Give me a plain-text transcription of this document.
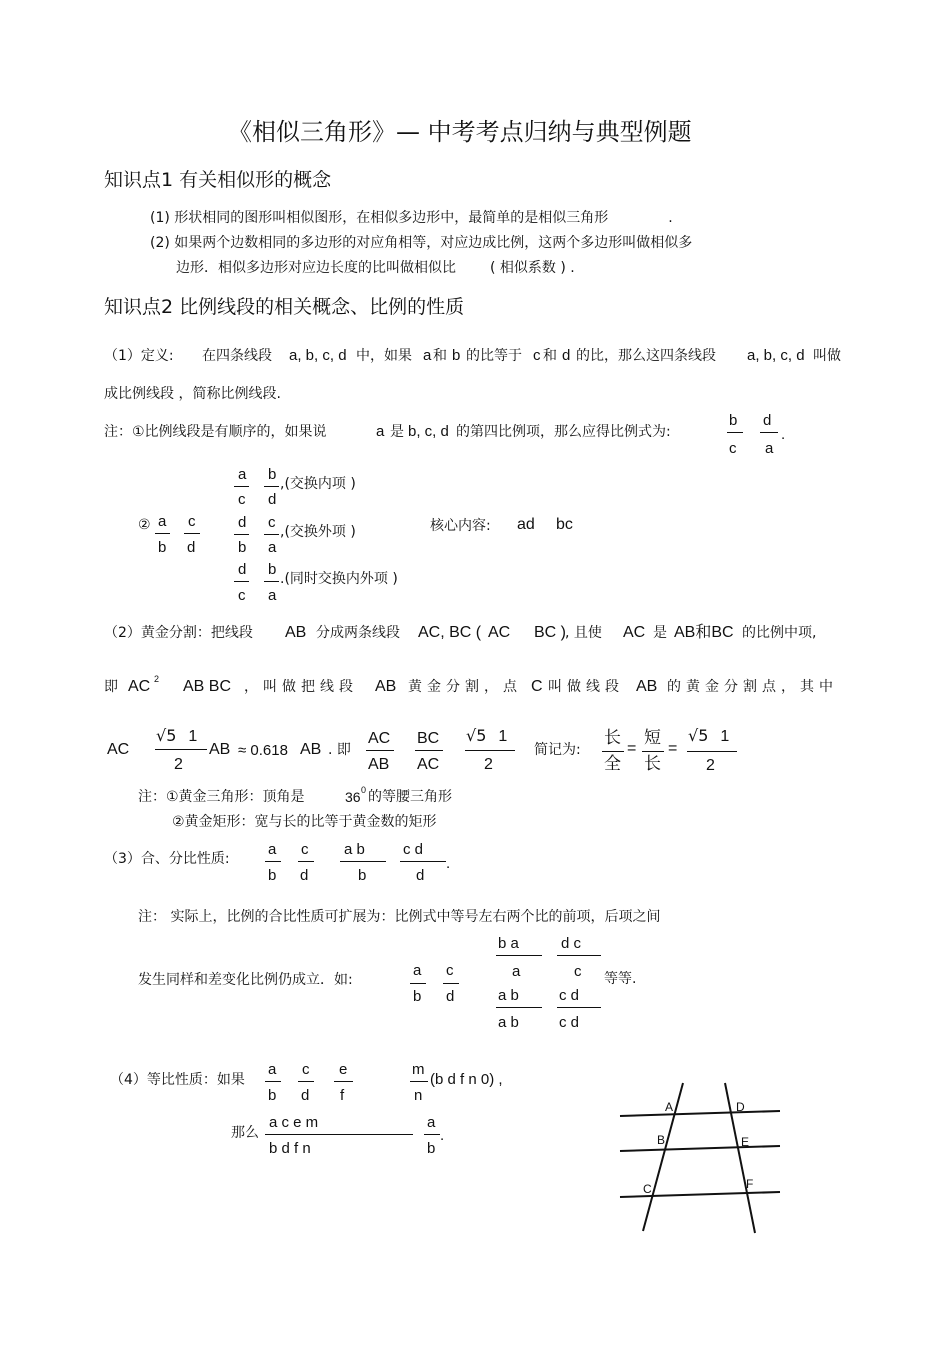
《相似三角形》— 中考考点归纳与典型例题
知识点1 有关相似形的概念
(1) 形状相同的图形叫相似图形，在相似多边形中，最简单的是相似三角形	.
(2) 如果两个边数相同的多边形的对应角相等，对应边成比例，这两个多边形叫做相似多
边形．相似多边形对应边长度的比叫做相似比 ( 相似系数 ) .
知识点2 比例线段的相关概念、比例的性质
（1）定义: 在四条线段 a, b, c, d 中，如果 a 和 b 的比等于 c 和 d 的比，那么这四条线段 a, b, c, d 叫做
成比例线段 ，简称比例线段.
注：①比例线段是有顺序的，如果说	a 是 b, c, d 的第四比例项，那么应得比例式为:
b
c
d
a
.
② a
b
c
d
a
c
b
d
,(交换内项 )
d
b
c
a
,(交换外项 )
d
c
b
a
.(同时交换内外项 )
核心内容: ad bc
（2）黄金分割：把线段 AB 分成两条线段 AC, BC ( AC BC ) , 且使 AC 是 AB和BC 的比例中项,
即 AC 2 AB BC ，叫做把线段 AB 黄金分割，点 C 叫做线段 AB 的黄金分割点，其中
AC
√5 1
2
AB ≈ 0.618 AB . 即
AC
AB
BC
AC
√5 1
2
简记为:
长
全
=
短
长
=
√5 1
2
注：①黄金三角形：顶角是	36 0 的等腰三角形
②黄金矩形：宽与长的比等于黄金数的矩形
（3）合、分比性质:
a
b
c
d
a b
b
c d
d
.
注： 实际上，比例的合比性质可扩展为：比例式中等号左右两个比的前项，后项之间
发生同样和差变化比例仍成立．如:
a
b
c
d
b a
a
d c
c 等等.
a b
a b
c d
c d
（4）等比性质：如果
a
b
c
d
e
f
m
n
(b d f n 0) ,
那么
a c e m
b d f n
a
b
.
A
B
C
D
E
F
